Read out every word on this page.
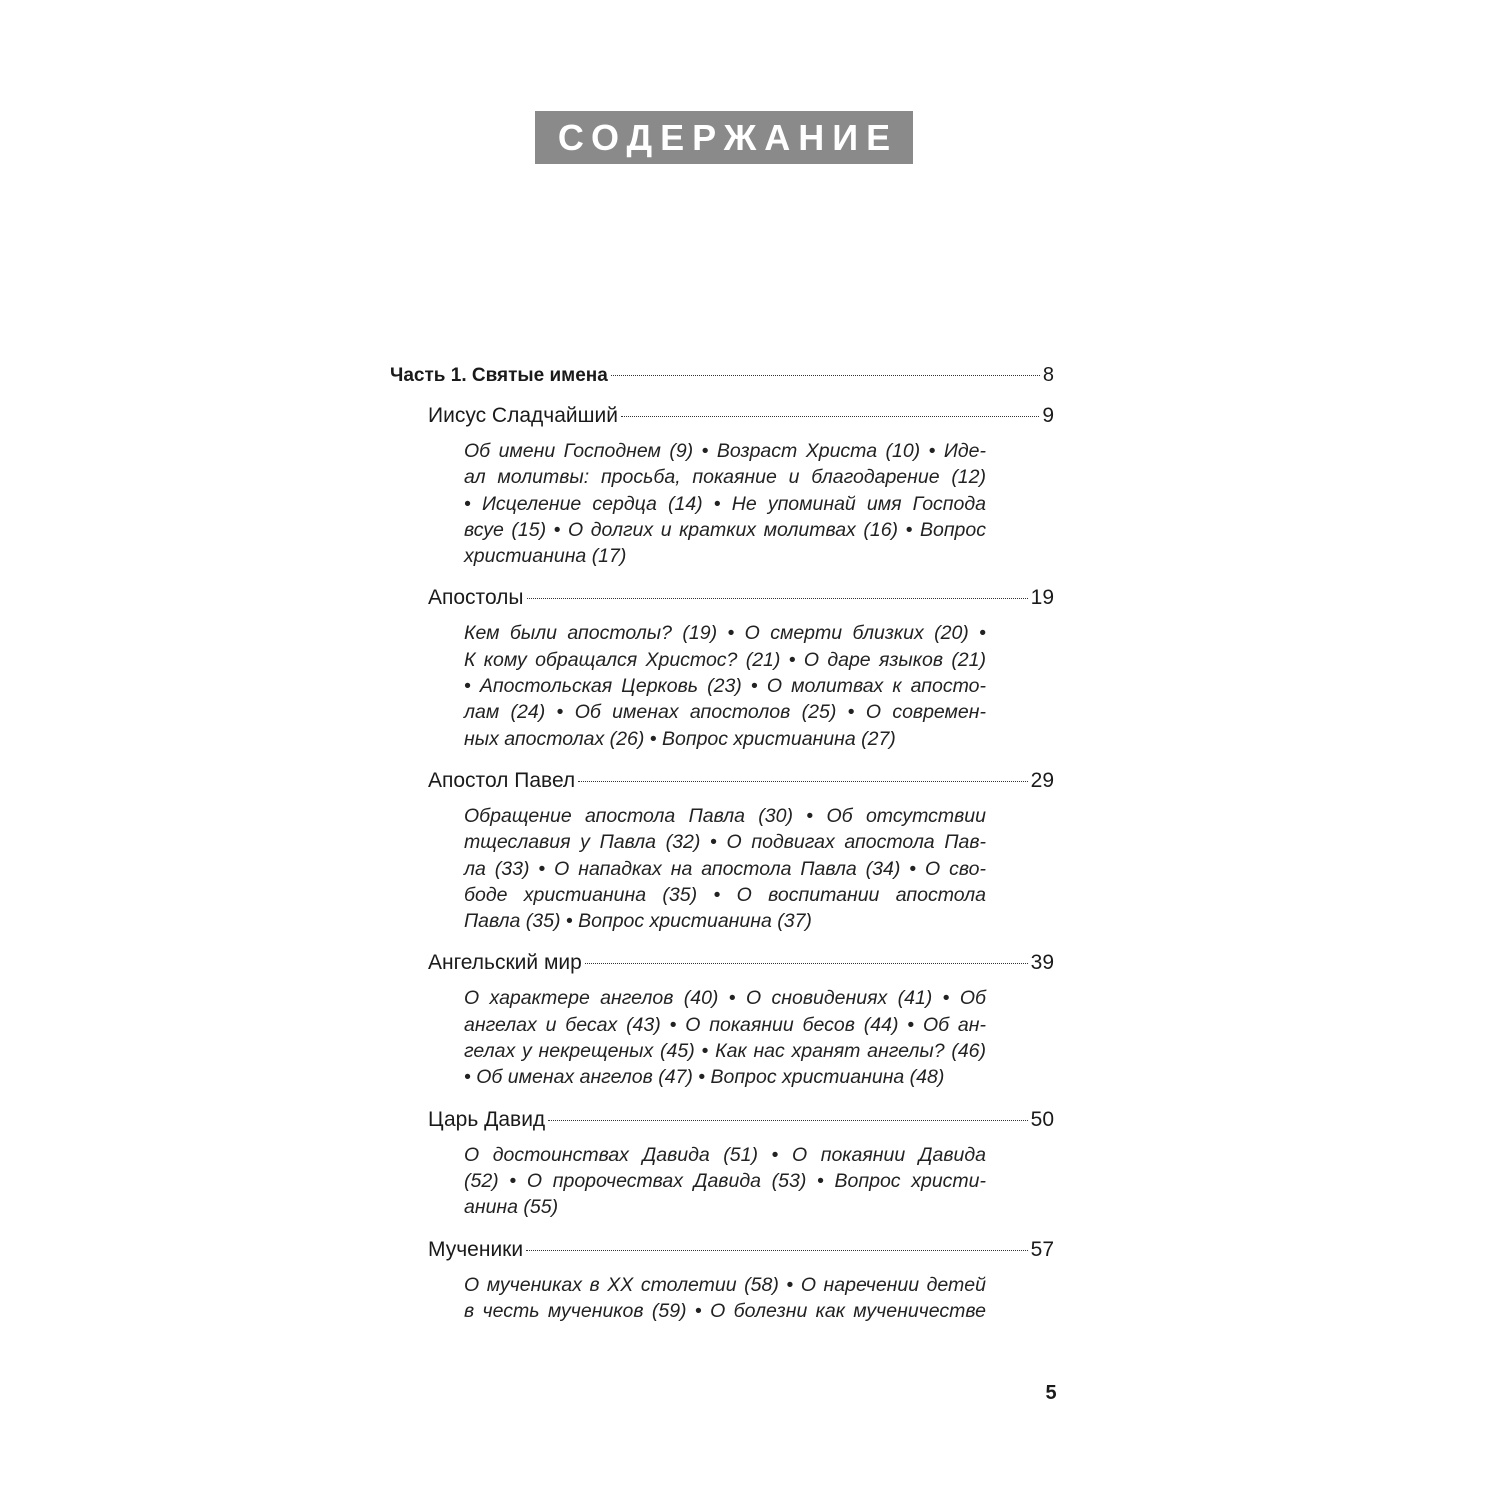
СОДЕРЖАНИЕ
Часть 1. Святые имена	8
Иисус Сладчайший	9
Об имени Господнем (9) • Возраст Христа (10) • Иде-
ал молитвы: просьба, покаяние и благодарение (12)
• Исцеление сердца (14) • Не упоминай имя Господа
всуе (15) • О долгих и кратких молитвах (16) • Вопрос
христианина (17)
Апостолы	19
Кем были апостолы? (19) • О смерти близких (20) •
К кому обращался Христос? (21) • О даре языков (21)
• Апостольская Церковь (23) • О молитвах к апосто-
лам (24) • Об именах апостолов (25) • О современ-
ных апостолах (26) • Вопрос христианина (27)
Апостол Павел	29
Обращение апостола Павла (30) • Об отсутствии
тщеславия у Павла (32) • О подвигах апостола Пав-
ла (33) • О нападках на апостола Павла (34) • О сво-
боде христианина (35) • О воспитании апостола
Павла (35) • Вопрос христианина (37)
Ангельский мир	39
О характере ангелов (40) • О сновидениях (41) • Об
ангелах и бесах (43) • О покаянии бесов (44) • Об ан-
гелах у некрещеных (45) • Как нас хранят ангелы? (46)
• Об именах ангелов (47) • Вопрос христианина (48)
Царь Давид	50
О достоинствах Давида (51) • О покаянии Давида
(52) • О пророчествах Давида (53) • Вопрос христи-
анина (55)
Мученики	57
О мучениках в XX столетии (58) • О наречении детей
в честь мучеников (59) • О болезни как мученичестве
5
